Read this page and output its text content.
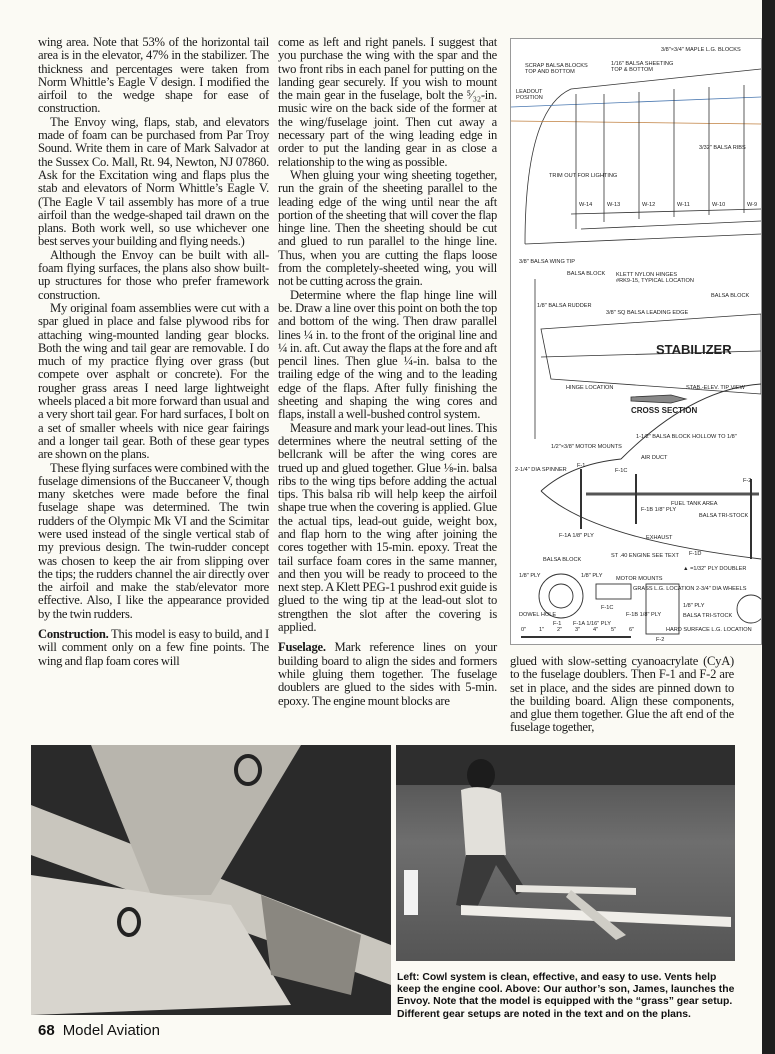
wing area. Note that 53% of the horizontal tail area is in the elevator, 47% in the stabilizer. The thickness and percentages were taken from Norm Whittle’s Eagle V design. I modified the airfoil to the wedge shape for ease of construction.

The Envoy wing, flaps, stab, and elevators made of foam can be purchased from Par Troy Sound. Write them in care of Mark Salvador at the Sussex Co. Mall, Rt. 94, Newton, NJ 07860. Ask for the Excitation wing and flaps plus the stab and elevators of Norm Whittle’s Eagle V. (The Eagle V tail assembly has more of a true airfoil than the wedge-shaped tail drawn on the plans. Both work well, so use whichever one best serves your building and flying needs.)

Although the Envoy can be built with all-foam flying surfaces, the plans also show built-up structures for those who prefer framework construction.

My original foam assemblies were cut with a spar glued in place and false plywood ribs for attaching wing-mounted landing gear blocks. Both the wing and tail gear are removable. I do much of my practice flying over grass (but compete over asphalt or concrete). For the rougher grass areas I need large lightweight wheels placed a bit more forward than usual and a very short tail gear. For hard surfaces, I bolt on a set of smaller wheels with nice gear fairings and a longer tail gear. Both of these gear types are shown on the plans.

These flying surfaces were combined with the fuselage dimensions of the Buccaneer V, though many sketches were made before the final fuselage shape was determined. The twin rudders of the Olympic Mk VI and the Scimitar were used instead of the single vertical stab of my previous design. The twin-rudder concept was chosen to keep the air from slipping over the tips; the rudders channel the air directly over the airfoil and make the stab/elevator more effective. Also, I like the appearance provided by the twin rudders.

Construction. This model is easy to build, and I will comment only on a few fine points. The wing and flap foam cores will

come as left and right panels. I suggest that you purchase the wing with the spar and the two front ribs in each panel for putting on the landing gear securely. If you wish to mount the main gear in the fuselage, bolt the ⁵⁄₃₂-in. music wire on the back side of the former at the wing/fuselage joint. Then cut away a necessary part of the wing leading edge in order to put the landing gear in as close a relationship to the wing as possible.

When gluing your wing sheeting together, run the grain of the sheeting parallel to the leading edge of the wing until near the aft portion of the sheeting that will cover the flap hinge line. Then the sheeting should be cut and glued to run parallel to the hinge line. Thus, when you are cutting the flaps loose from the completely-sheeted wing, you will not be cutting across the grain.

Determine where the flap hinge line will be. Draw a line over this point on both the top and bottom of the wing. Then draw parallel lines ¼ in. to the front of the original line and ¼ in. aft. Cut away the flaps at the fore and aft pencil lines. Then glue ¼-in. balsa to the trailing edge of the wing and to the leading edge of the flaps. After fully finishing the sheeting and shaping the wing cores and flaps, install a well-bushed control system.

Measure and mark your lead-out lines. This determines where the neutral setting of the bellcrank will be after the wing cores are trued up and glued together. Glue ⅛-in. balsa ribs to the wing tips before adding the actual tips. This balsa rib will help keep the airfoil shape true when the covering is applied. Glue the actual tips, lead-out guide, weight box, and flap horn to the wing after joining the cores together with 15-min. epoxy. Treat the tail surface foam cores in the same manner, and then you will be ready to proceed to the next step. A Klett PEG-1 pushrod exit guide is glued to the wing tip at the lead-out slot to strengthen the slot after the covering is applied.

Fuselage. Mark reference lines on your building board to align the sides and formers while gluing them together. The fuselage doublers are glued to the sides with 5-min. epoxy. The engine mount blocks are

glued with slow-setting cyanoacrylate (CyA) to the fuselage doublers. Then F-1 and F-2 are set in place, and the sides are pinned down to the building board. Align these components, and glue them together. Glue the aft end of the fuselage together,

3/8"×3/4" MAPLE L.G. BLOCKS
SCRAP BALSA BLOCKS
TOP AND BOTTOM
1/16" BALSA SHEETING
TOP & BOTTOM
LEADOUT
POSITION
3/32" BALSA RIBS
TRIM OUT FOR LIGHTING
W-14	W-13	W-12	W-11	W-10	W-9
3/8" BALSA WING TIP
BALSA BLOCK KLETT NYLON HINGES
#RK9-15, TYPICAL LOCATION
BALSA BLOCK
1/8" BALSA RUDDER
3/8" SQ BALSA LEADING EDGE
STABILIZER
HINGE LOCATION	STAB.-ELEV. TIP VIEW
CROSS SECTION
1/2"×3/8" MOTOR MOUNTS
AIR DUCT
1-1/2" BALSA BLOCK HOLLOW TO 1/8"
2-1/4" DIA SPINNER
F-1
F-1C
F-1B 1/8" PLY
FUEL TANK AREA
BALSA TRI-STOCK
F-2
F-1A 1/8" PLY	EXHAUST
BALSA BLOCK
ST .40 ENGINE SEE TEXT F-1D
▲ =1/32" PLY DOUBLER
1/8" PLY	1/8" PLY MOTOR MOUNTS
GRASS L.G. LOCATION 2-3/4" DIA WHEELS
DOWEL HOLE
F-1 F-1A 1/16" PLY
F-1C
F-1B 1/8" PLY
1/8" PLY
BALSA TRI-STOCK
F-2
HARD SURFACE L.G. LOCATION
0" 1" 2" 3" 4" 5" 6"
Left: Cowl system is clean, effective, and easy to use. Vents help keep the engine cool. Above: Our author’s son, James, launches the Envoy. Note that the model is equipped with the “grass” gear setup. Different gear setups are noted in the text and on the plans.
68 Model Aviation
